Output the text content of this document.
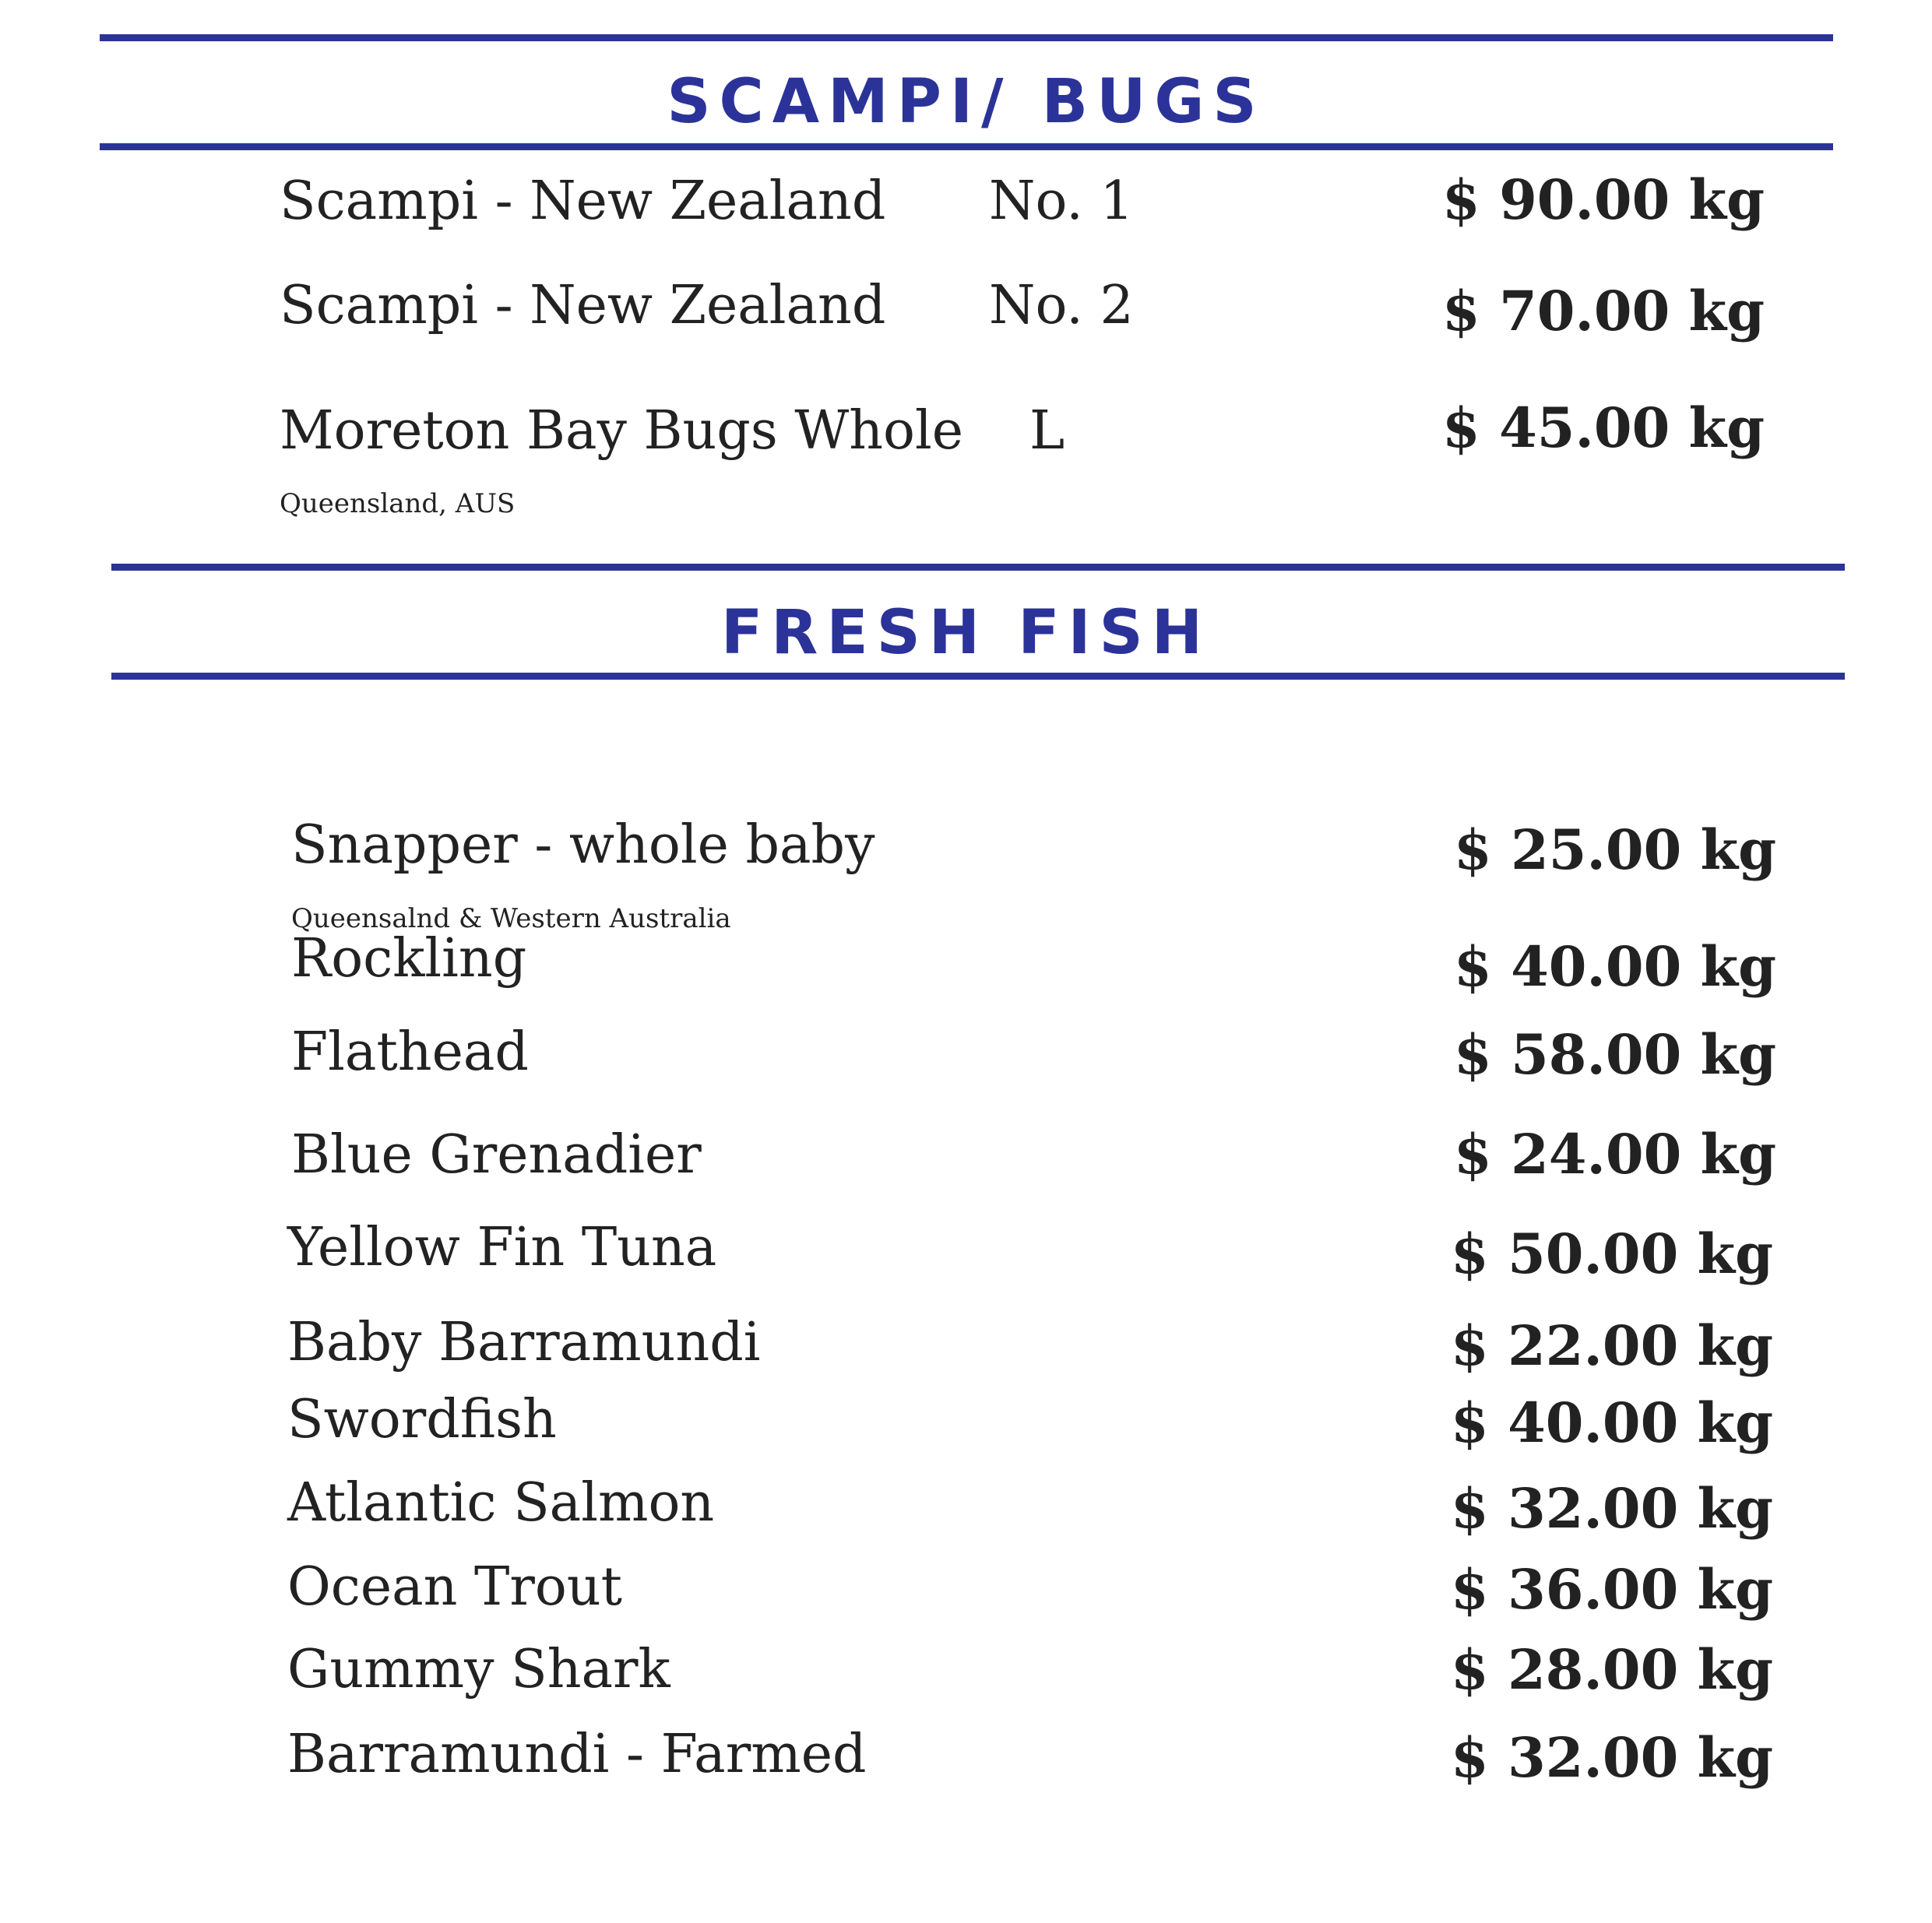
SCAMPI/ BUGS
Scampi - New Zealand No. 1	$ 90.00 kg
Scampi - New Zealand No. 2	$ 70.00 kg
Moreton Bay Bugs Whole L	$ 45.00 kg
Queensland, AUS
FRESH FISH
Snapper - whole baby	$ 25.00 kg
Queensalnd & Western Australia
Rockling	$ 40.00 kg
Flathead	$ 58.00 kg
Blue Grenadier	$ 24.00 kg
Yellow Fin Tuna	$ 50.00 kg
Baby Barramundi	$ 22.00 kg
Swordfish	$ 40.00 kg
Atlantic Salmon	$ 32.00 kg
Ocean Trout	$ 36.00 kg
Gummy Shark	$ 28.00 kg
Barramundi - Farmed	$ 32.00 kg
